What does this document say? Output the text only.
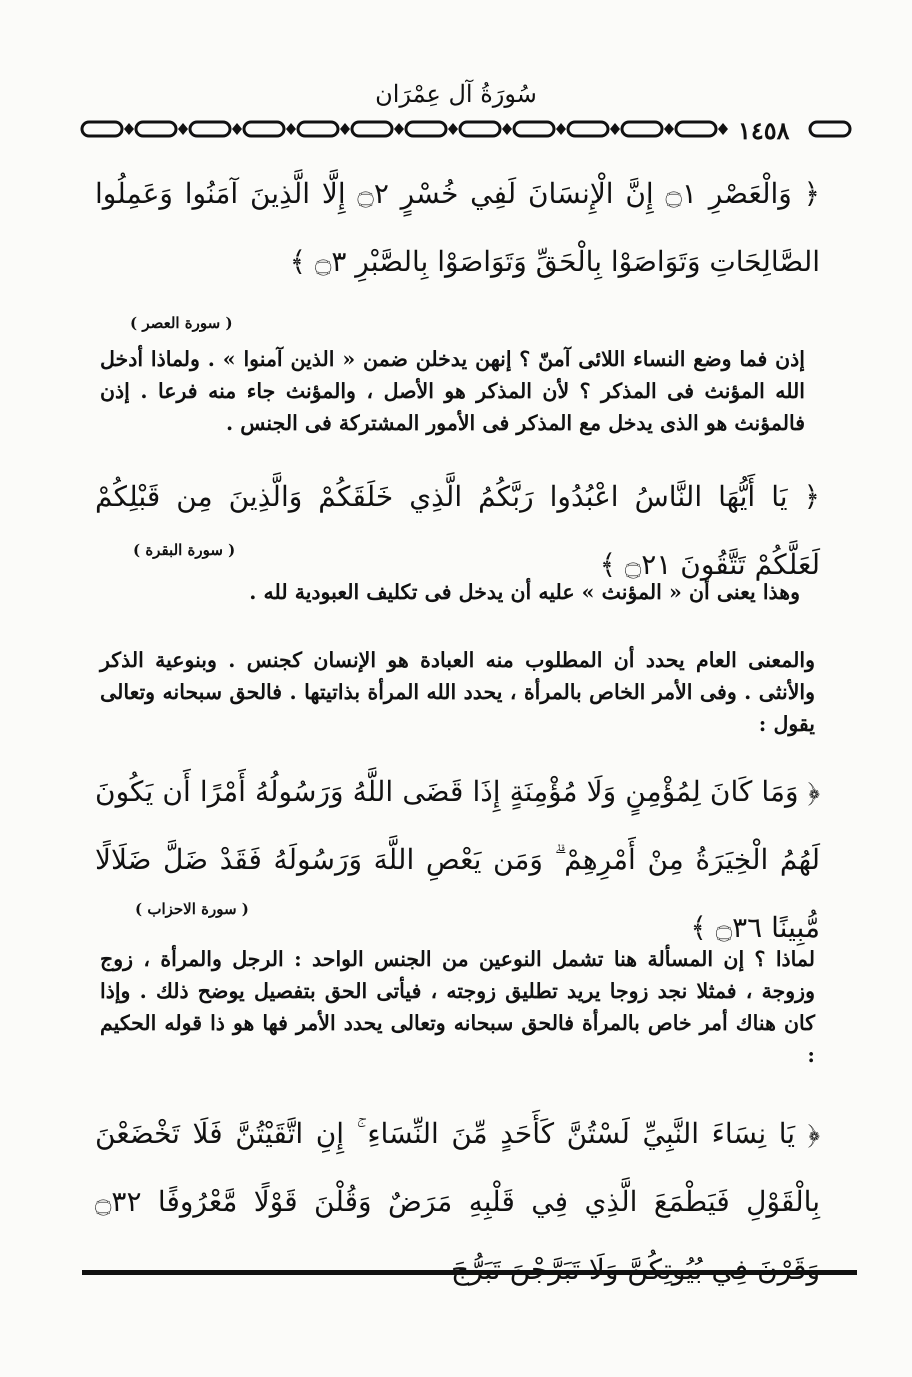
سُورَةُ آل عِمْرَان
١٤٥٨
﴿ وَالْعَصْرِ ۝١ إِنَّ الْإِنسَانَ لَفِي خُسْرٍ ۝٢ إِلَّا الَّذِينَ آمَنُوا وَعَمِلُوا الصَّالِحَاتِ وَتَوَاصَوْا بِالْحَقِّ وَتَوَاصَوْا بِالصَّبْرِ ۝٣ ﴾
( سورة العصر )
إذن فما وضع النساء اللائى آمنّ ؟ إنهن يدخلن ضمن « الذين آمنوا » . ولماذا أدخل الله المؤنث فى المذكر ؟ لأن المذكر هو الأصل ، والمؤنث جاء منه فرعا . إذن فالمؤنث هو الذى يدخل مع المذكر فى الأمور المشتركة فى الجنس .
﴿ يَا أَيُّهَا النَّاسُ اعْبُدُوا رَبَّكُمُ الَّذِي خَلَقَكُمْ وَالَّذِينَ مِن قَبْلِكُمْ لَعَلَّكُمْ تَتَّقُونَ ۝٢١ ﴾
( سورة البقرة )
وهذا يعنى أن « المؤنث » عليه أن يدخل فى تكليف العبودية لله .
والمعنى العام يحدد أن المطلوب منه العبادة هو الإنسان كجنس . وبنوعية الذكر والأنثى . وفى الأمر الخاص بالمرأة ، يحدد الله المرأة بذاتيتها . فالحق سبحانه وتعالى يقول :
﴿ وَمَا كَانَ لِمُؤْمِنٍ وَلَا مُؤْمِنَةٍ إِذَا قَضَى اللَّهُ وَرَسُولُهُ أَمْرًا أَن يَكُونَ لَهُمُ الْخِيَرَةُ مِنْ أَمْرِهِمْ ۗ وَمَن يَعْصِ اللَّهَ وَرَسُولَهُ فَقَدْ ضَلَّ ضَلَالًا مُّبِينًا ۝٣٦ ﴾
( سورة الاحزاب )
لماذا ؟ إن المسألة هنا تشمل النوعين من الجنس الواحد : الرجل والمرأة ، زوج وزوجة ، فمثلا نجد زوجا يريد تطليق زوجته ، فيأتى الحق بتفصيل يوضح ذلك . وإذا كان هناك أمر خاص بالمرأة فالحق سبحانه وتعالى يحدد الأمر فها هو ذا قوله الحكيم :
﴿ يَا نِسَاءَ النَّبِيِّ لَسْتُنَّ كَأَحَدٍ مِّنَ النِّسَاءِ ۚ إِنِ اتَّقَيْتُنَّ فَلَا تَخْضَعْنَ بِالْقَوْلِ فَيَطْمَعَ الَّذِي فِي قَلْبِهِ مَرَضٌ وَقُلْنَ قَوْلًا مَّعْرُوفًا ۝٣٢
